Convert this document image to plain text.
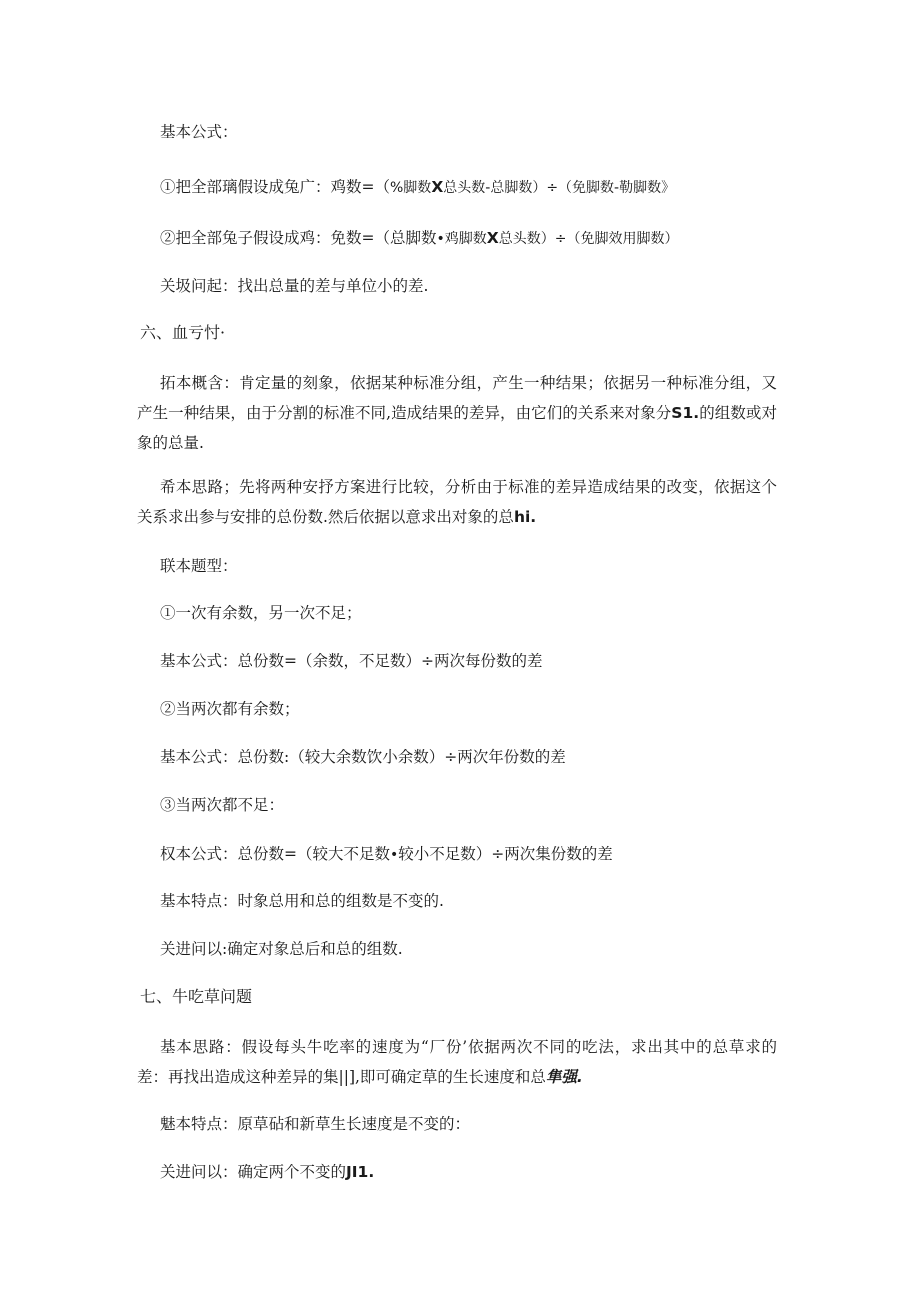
基本公式：
①把全部璃假设成兔广：鸡数=（%脚数X总头数-总脚数）÷（免脚数-勒脚数》
②把全部兔子假设成鸡：免数=（总脚数•鸡脚数X总头数）÷（免脚效用脚数）
关圾问起：找出总量的差与单位小的差.
六、血亏忖·
拓本概含：肯定量的刻象，依据某种标准分组，产生一种结果；依据另一种标准分组，又产生一种结果，由于分割的标准不同,造成结果的差异，由它们的关系来对象分S1.的组数或对象的总量.
希本思路；先将两种安抒方案进行比较，分析由于标准的差异造成结果的改变，依据这个关系求出参与安排的总份数.然后依据以意求出对象的总hi.
联本题型：
①一次有余数，另一次不足；
基本公式：总份数=（余数，不足数）÷两次每份数的差
②当两次都有余数；
基本公式：总份数:（较大余数饮小余数）÷两次年份数的差
③当两次都不足：
权本公式：总份数=（较大不足数•较小不足数）÷两次集份数的差
基本特点：时象总用和总的组数是不变的.
关进问以:确定对象总后和总的组数.
七、牛吃草问题
基本思路：假设每头牛吃率的速度为“厂份’依据两次不同的吃法，求出其中的总草求的差：再找出造成这种差异的集||],即可确定草的生长速度和总隼强.
魅本特点：原草砧和新草生长速度是不变的：
关进问以：确定两个不变的JI1.
